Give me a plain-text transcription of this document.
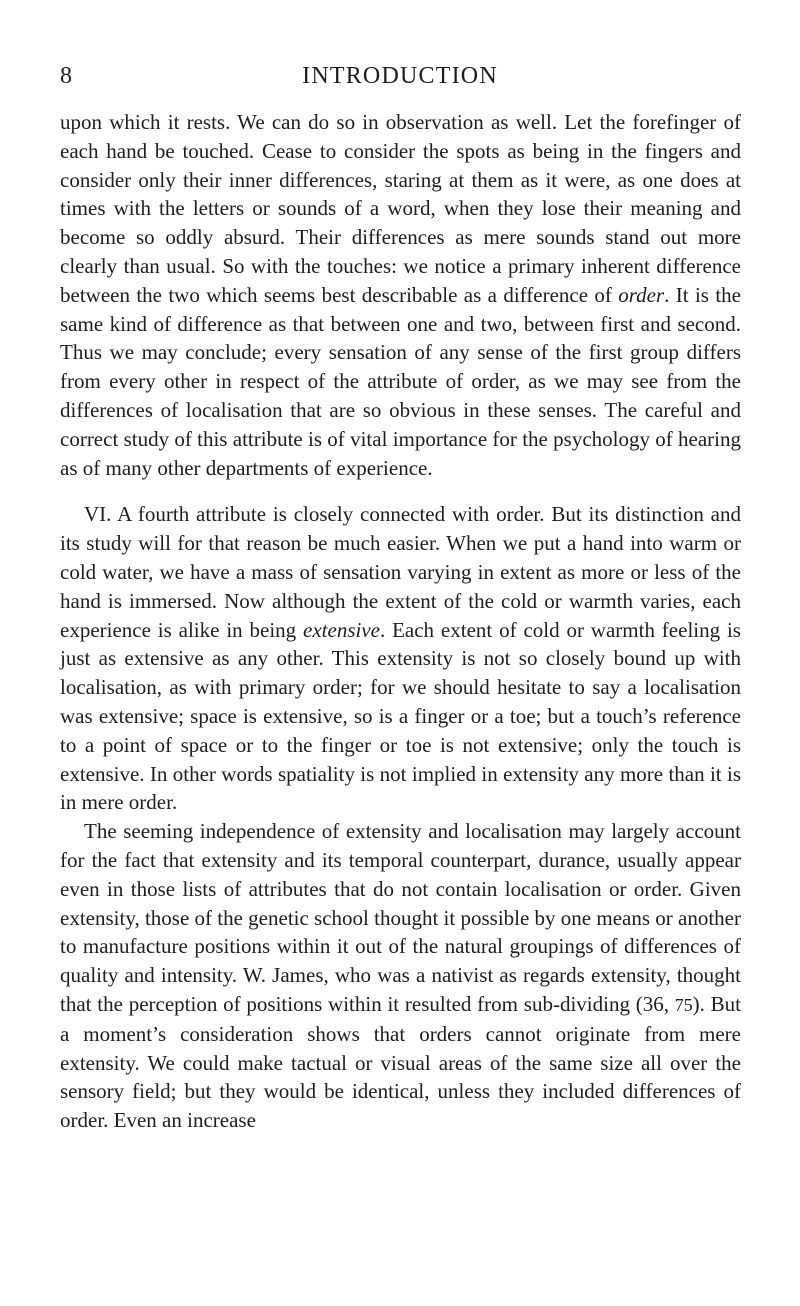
8	INTRODUCTION

upon which it rests. We can do so in observation as well. Let the forefinger of each hand be touched. Cease to consider the spots as being in the fingers and consider only their inner differences, staring at them as it were, as one does at times with the letters or sounds of a word, when they lose their meaning and become so oddly absurd. Their differences as mere sounds stand out more clearly than usual. So with the touches: we notice a primary inherent difference between the two which seems best describable as a difference of order. It is the same kind of difference as that between one and two, between first and second. Thus we may conclude; every sensation of any sense of the first group differs from every other in respect of the attribute of order, as we may see from the differences of localisation that are so obvious in these senses. The careful and correct study of this attribute is of vital importance for the psychology of hearing as of many other departments of experience.

VI. A fourth attribute is closely connected with order. But its distinction and its study will for that reason be much easier. When we put a hand into warm or cold water, we have a mass of sensation varying in extent as more or less of the hand is immersed. Now although the extent of the cold or warmth varies, each experience is alike in being extensive. Each extent of cold or warmth feeling is just as extensive as any other. This extensity is not so closely bound up with localisation, as with primary order; for we should hesitate to say a localisation was extensive; space is extensive, so is a finger or a toe; but a touch’s reference to a point of space or to the finger or toe is not extensive; only the touch is extensive. In other words spatiality is not implied in extensity any more than it is in mere order.

The seeming independence of extensity and localisation may largely account for the fact that extensity and its temporal counterpart, durance, usually appear even in those lists of attributes that do not contain localisation or order. Given extensity, those of the genetic school thought it possible by one means or another to manufacture positions within it out of the natural groupings of differences of quality and intensity. W. James, who was a nativist as regards extensity, thought that the perception of positions within it resulted from sub-dividing (36, 75). But a moment’s consideration shows that orders cannot originate from mere extensity. We could make tactual or visual areas of the same size all over the sensory field; but they would be identical, unless they included differences of order. Even an increase
